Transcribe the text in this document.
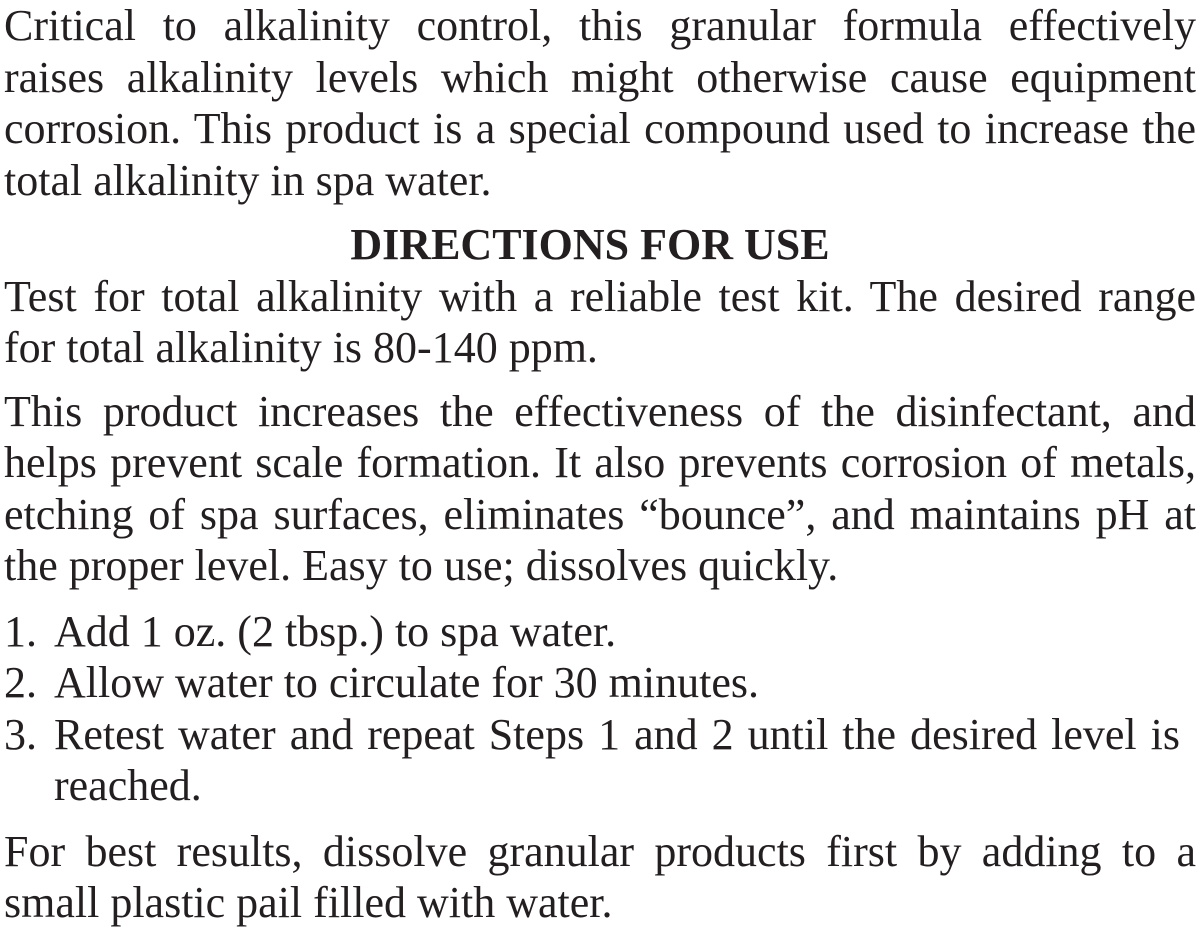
Critical to alkalinity control, this granular formula effectively raises alkalinity levels which might otherwise cause equipment corrosion. This product is a special compound used to increase the total alkalinity in spa water.

DIRECTIONS FOR USE

Test for total alkalinity with a reliable test kit. The desired range for total alkalinity is 80-140 ppm.

This product increases the effectiveness of the disinfectant, and helps prevent scale formation. It also prevents corrosion of metals, etching of spa surfaces, eliminates “bounce”, and maintains pH at the proper level. Easy to use; dissolves quickly.

1. Add 1 oz. (2 tbsp.) to spa water.
2. Allow water to circulate for 30 minutes.
3. Retest water and repeat Steps 1 and 2 until the desired level is reached.

For best results, dissolve granular products first by adding to a small plastic pail filled with water.
